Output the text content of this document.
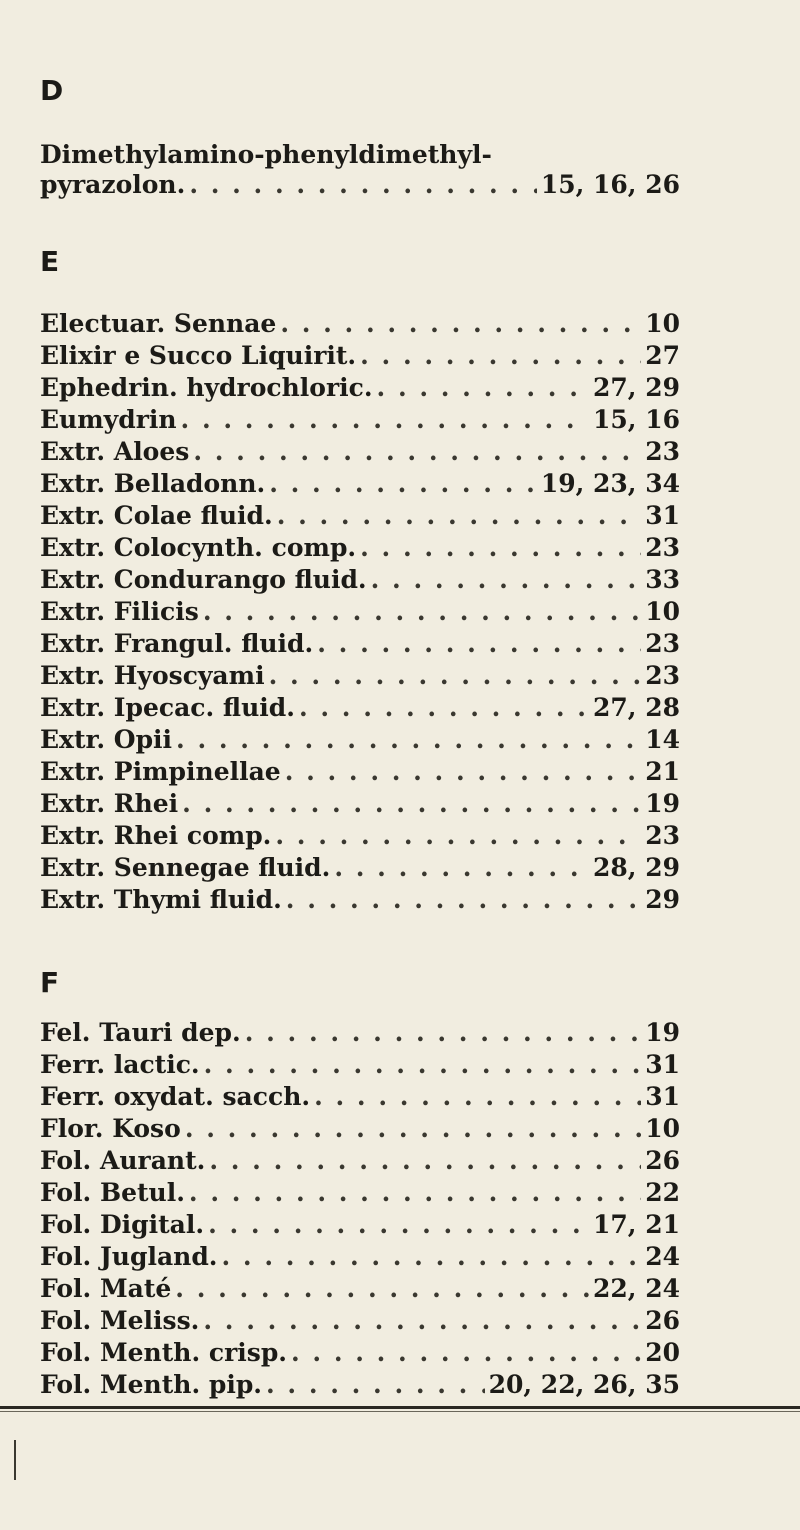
D
Dimethylamino-phenyldimethyl-
pyrazolon. . . .	15, 16, 26
E
Electuar. Sennae . . .	10
Elixir e Succo Liquirit. . . .	27
Ephedrin. hydrochloric. . . .	27, 29
Eumydrin . . .	15, 16
Extr. Aloes . . .	23
Extr. Belladonn. . . .	19, 23, 34
Extr. Colae fluid. . . .	31
Extr. Colocynth. comp. . . .	23
Extr. Condurango fluid. . . .	33
Extr. Filicis . . .	10
Extr. Frangul. fluid. . . .	23
Extr. Hyoscyami . . .	23
Extr. Ipecac. fluid. . . .	27, 28
Extr. Opii . . .	14
Extr. Pimpinellae . . .	21
Extr. Rhei . . .	19
Extr. Rhei comp. . . .	23
Extr. Sennegae fluid. . . .	28, 29
Extr. Thymi fluid. . . .	29
F
Fel. Tauri dep. . . .	19
Ferr. lactic. . . .	31
Ferr. oxydat. sacch. . . .	31
Flor. Koso . . .	10
Fol. Aurant. . . .	26
Fol. Betul. . . .	22
Fol. Digital. . . .	17, 21
Fol. Jugland. . . .	24
Fol. Maté . . .	22, 24
Fol. Meliss. . . .	26
Fol. Menth. crisp. . . .	20
Fol. Menth. pip. . . .	20, 22, 26, 35
